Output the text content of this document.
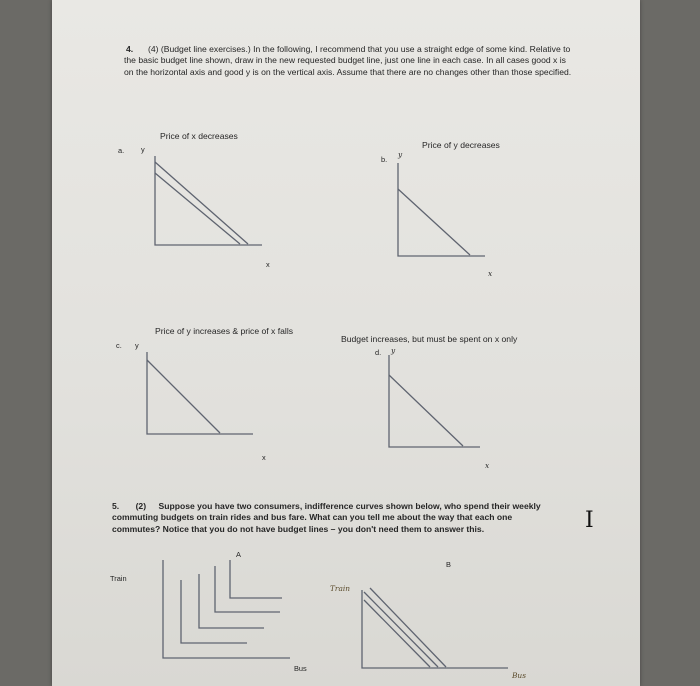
4.	(4) (Budget line exercises.) In the following, I recommend that you use a straight edge of some kind. Relative to the basic budget line shown, draw in the new requested budget line, just one line in each case. In all cases good x is on the horizontal axis and good y is on the vertical axis. Assume that there are no changes other than those specified.
Price of x decreases
a. y
x
Price of y decreases
b.
y
x
Price of y increases & price of x falls
c. y
x
Budget increases, but must be spent on x only
d. y
x
5. (2) Suppose you have two consumers, indifference curves shown below, who spend their weekly commuting budgets on train rides and bus fare. What can you tell me about the way that each one commutes? Notice that you do not have budget lines – you don't need them to answer this.
Train
A
Bus
Train
B
Bus
I
